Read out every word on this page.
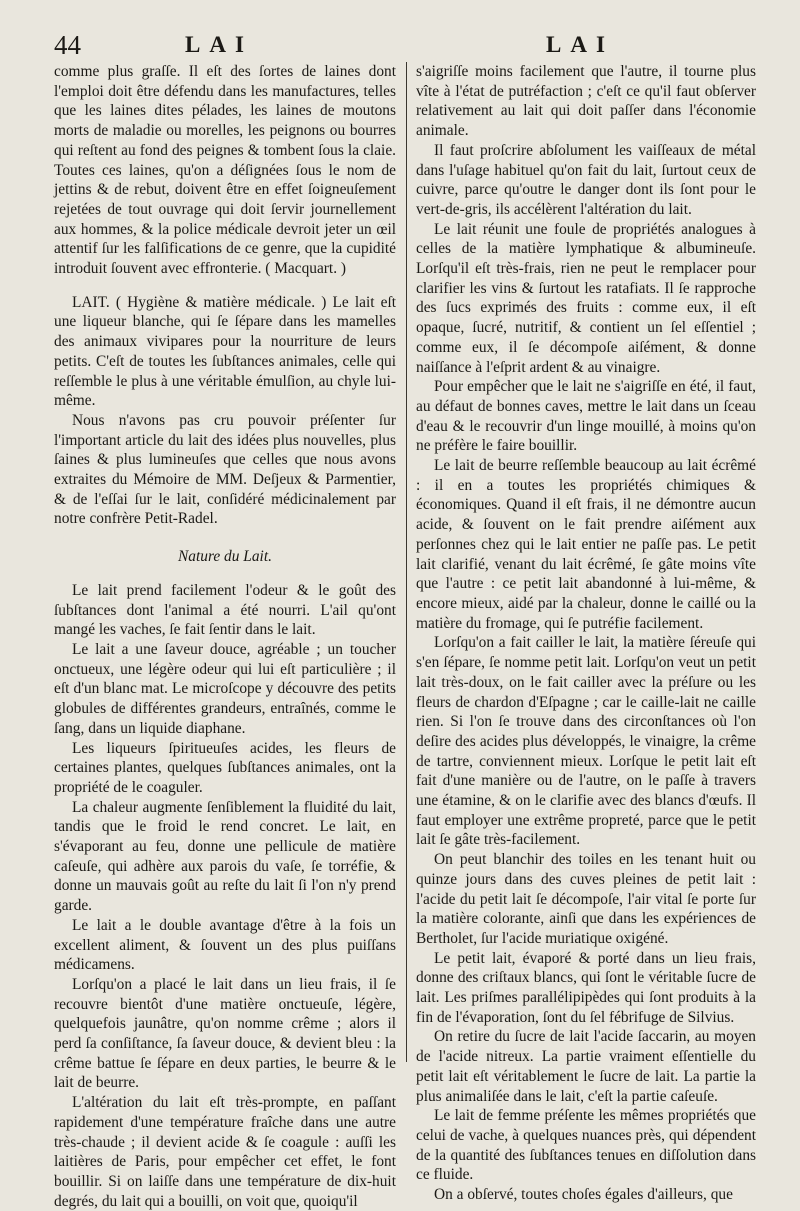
44	LAI	LAI

comme plus graſſe. Il eſt des ſortes de laines dont l'emploi doit être défendu dans les manufactures, telles que les laines dites pélades, les laines de moutons morts de maladie ou morelles, les peignons ou bourres qui reſtent au fond des peignes & tombent ſous la claie. Toutes ces laines, qu'on a déſignées ſous le nom de jettins & de rebut, doivent être en effet ſoigneuſement rejetées de tout ouvrage qui doit ſervir journellement aux hommes, & la police médicale devroit jeter un œil attentif ſur les falſifications de ce genre, que la cupidité introduit ſouvent avec effronterie. ( Macquart. )

LAIT. ( Hygiène & matière médicale. ) Le lait eſt une liqueur blanche, qui ſe ſépare dans les mamelles des animaux vivipares pour la nourriture de leurs petits. C'eſt de toutes les ſubſtances animales, celle qui reſſemble le plus à une véritable émulſion, au chyle lui-même.

Nous n'avons pas cru pouvoir préſenter ſur l'important article du lait des idées plus nouvelles, plus ſaines & plus lumineuſes que celles que nous avons extraites du Mémoire de MM. Deſjeux & Parmentier, & de l'eſſai ſur le lait, conſidéré médicinalement par notre confrère Petit-Radel.

Nature du Lait.

Le lait prend facilement l'odeur & le goût des ſubſtances dont l'animal a été nourri. L'ail qu'ont mangé les vaches, ſe fait ſentir dans le lait.

Le lait a une ſaveur douce, agréable ; un toucher onctueux, une légère odeur qui lui eſt particulière ; il eſt d'un blanc mat. Le microſcope y découvre des petits globules de différentes grandeurs, entraînés, comme le ſang, dans un liquide diaphane.

Les liqueurs ſpiritueuſes acides, les fleurs de certaines plantes, quelques ſubſtances animales, ont la propriété de le coaguler.

La chaleur augmente ſenſiblement la fluidité du lait, tandis que le froid le rend concret. Le lait, en s'évaporant au feu, donne une pellicule de matière caſeuſe, qui adhère aux parois du vaſe, ſe torréfie, & donne un mauvais goût au reſte du lait ſi l'on n'y prend garde.

Le lait a le double avantage d'être à la fois un excellent aliment, & ſouvent un des plus puiſſans médicamens.

Lorſqu'on a placé le lait dans un lieu frais, il ſe recouvre bientôt d'une matière onctueuſe, légère, quelquefois jaunâtre, qu'on nomme crême ; alors il perd ſa conſiſtance, ſa ſaveur douce, & devient bleu : la crême battue ſe ſépare en deux parties, le beurre & le lait de beurre.

L'altération du lait eſt très-prompte, en paſſant rapidement d'une température fraîche dans une autre très-chaude ; il devient acide & ſe coagule : auſſi les laitières de Paris, pour empêcher cet effet, le font bouillir. Si on laiſſe dans une température de dix-huit degrés, du lait qui a bouilli, on voit que, quoiqu'il

s'aigriſſe moins facilement que l'autre, il tourne plus vîte à l'état de putréfaction ; c'eſt ce qu'il faut obſerver relativement au lait qui doit paſſer dans l'économie animale.

Il faut proſcrire abſolument les vaiſſeaux de métal dans l'uſage habituel qu'on fait du lait, ſurtout ceux de cuivre, parce qu'outre le danger dont ils ſont pour le vert-de-gris, ils accélèrent l'altération du lait.

Le lait réunit une foule de propriétés analogues à celles de la matière lymphatique & albumineuſe. Lorſqu'il eſt très-frais, rien ne peut le remplacer pour clarifier les vins & ſurtout les ratafiats. Il ſe rapproche des ſucs exprimés des fruits : comme eux, il eſt opaque, ſucré, nutritif, & contient un ſel eſſentiel ; comme eux, il ſe décompoſe aiſément, & donne naiſſance à l'eſprit ardent & au vinaigre.

Pour empêcher que le lait ne s'aigriſſe en été, il faut, au défaut de bonnes caves, mettre le lait dans un ſceau d'eau & le recouvrir d'un linge mouillé, à moins qu'on ne préfère le faire bouillir.

Le lait de beurre reſſemble beaucoup au lait écrêmé : il en a toutes les propriétés chimiques & économiques. Quand il eſt frais, il ne démontre aucun acide, & ſouvent on le fait prendre aiſément aux perſonnes chez qui le lait entier ne paſſe pas. Le petit lait clarifié, venant du lait écrêmé, ſe gâte moins vîte que l'autre : ce petit lait abandonné à lui-même, & encore mieux, aidé par la chaleur, donne le caillé ou la matière du fromage, qui ſe putréfie facilement.

Lorſqu'on a fait cailler le lait, la matière ſéreuſe qui s'en ſépare, ſe nomme petit lait. Lorſqu'on veut un petit lait très-doux, on le fait cailler avec la préſure ou les fleurs de chardon d'Eſpagne ; car le caille-lait ne caille rien. Si l'on ſe trouve dans des circonſtances où l'on deſire des acides plus développés, le vinaigre, la crême de tartre, conviennent mieux. Lorſque le petit lait eſt fait d'une manière ou de l'autre, on le paſſe à travers une étamine, & on le clarifie avec des blancs d'œufs. Il faut employer une extrême propreté, parce que le petit lait ſe gâte très-facilement.

On peut blanchir des toiles en les tenant huit ou quinze jours dans des cuves pleines de petit lait : l'acide du petit lait ſe décompoſe, l'air vital ſe porte ſur la matière colorante, ainſi que dans les expériences de Bertholet, ſur l'acide muriatique oxigéné.

Le petit lait, évaporé & porté dans un lieu frais, donne des criſtaux blancs, qui ſont le véritable ſucre de lait. Les priſmes parallélipipèdes qui ſont produits à la fin de l'évaporation, ſont du ſel fébrifuge de Silvius.

On retire du ſucre de lait l'acide ſaccarin, au moyen de l'acide nitreux. La partie vraiment eſſentielle du petit lait eſt véritablement le ſucre de lait. La partie la plus animaliſée dans le lait, c'eſt la partie caſeuſe.

Le lait de femme préſente les mêmes propriétés que celui de vache, à quelques nuances près, qui dépendent de la quantité des ſubſtances tenues en diſſolution dans ce fluide.

On a obſervé, toutes choſes égales d'ailleurs, que
